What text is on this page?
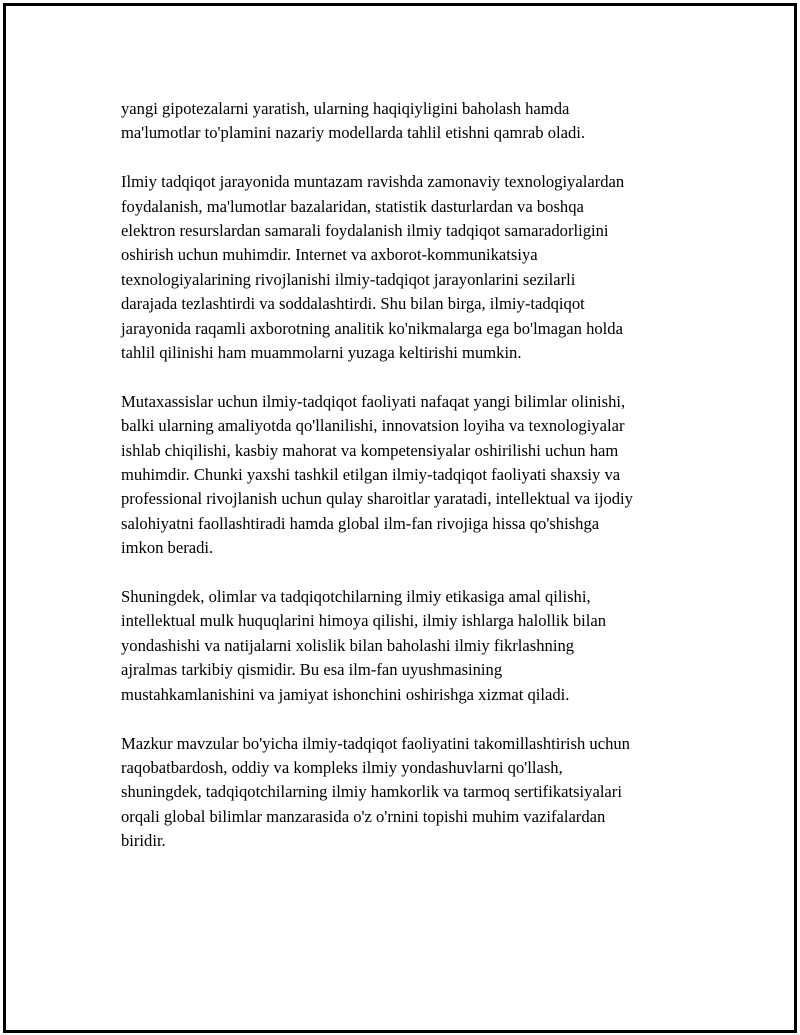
yangi gipotezalarni yaratish, ularning haqiqiyligini baholash hamda
ma'lumotlar to'plamini nazariy modellarda tahlil etishni qamrab oladi.

Ilmiy tadqiqot jarayonida muntazam ravishda zamonaviy texnologiyalardan
foydalanish, ma'lumotlar bazalaridan, statistik dasturlardan va boshqa
elektron resurslardan samarali foydalanish ilmiy tadqiqot samaradorligini
oshirish uchun muhimdir. Internet va axborot-kommunikatsiya
texnologiyalarining rivojlanishi ilmiy-tadqiqot jarayonlarini sezilarli
darajada tezlashtirdi va soddalashtirdi. Shu bilan birga, ilmiy-tadqiqot
jarayonida raqamli axborotning analitik ko'nikmalarga ega bo'lmagan holda
tahlil qilinishi ham muammolarni yuzaga keltirishi mumkin.

Mutaxassislar uchun ilmiy-tadqiqot faoliyati nafaqat yangi bilimlar olinishi,
balki ularning amaliyotda qo'llanilishi, innovatsion loyiha va texnologiyalar
ishlab chiqilishi, kasbiy mahorat va kompetensiyalar oshirilishi uchun ham
muhimdir. Chunki yaxshi tashkil etilgan ilmiy-tadqiqot faoliyati shaxsiy va
professional rivojlanish uchun qulay sharoitlar yaratadi, intellektual va ijodiy
salohiyatni faollashtiradi hamda global ilm-fan rivojiga hissa qo'shishga
imkon beradi.

Shuningdek, olimlar va tadqiqotchilarning ilmiy etikasiga amal qilishi,
intellektual mulk huquqlarini himoya qilishi, ilmiy ishlarga halollik bilan
yondashishi va natijalarni xolislik bilan baholashi ilmiy fikrlashning
ajralmas tarkibiy qismidir. Bu esa ilm-fan uyushmasining
mustahkamlanishini va jamiyat ishonchini oshirishga xizmat qiladi.

Mazkur mavzular bo'yicha ilmiy-tadqiqot faoliyatini takomillashtirish uchun
raqobatbardosh, oddiy va kompleks ilmiy yondashuvlarni qo'llash,
shuningdek, tadqiqotchilarning ilmiy hamkorlik va tarmoq sertifikatsiyalari
orqali global bilimlar manzarasida o'z o'rnini topishi muhim vazifalardan
biridir.
